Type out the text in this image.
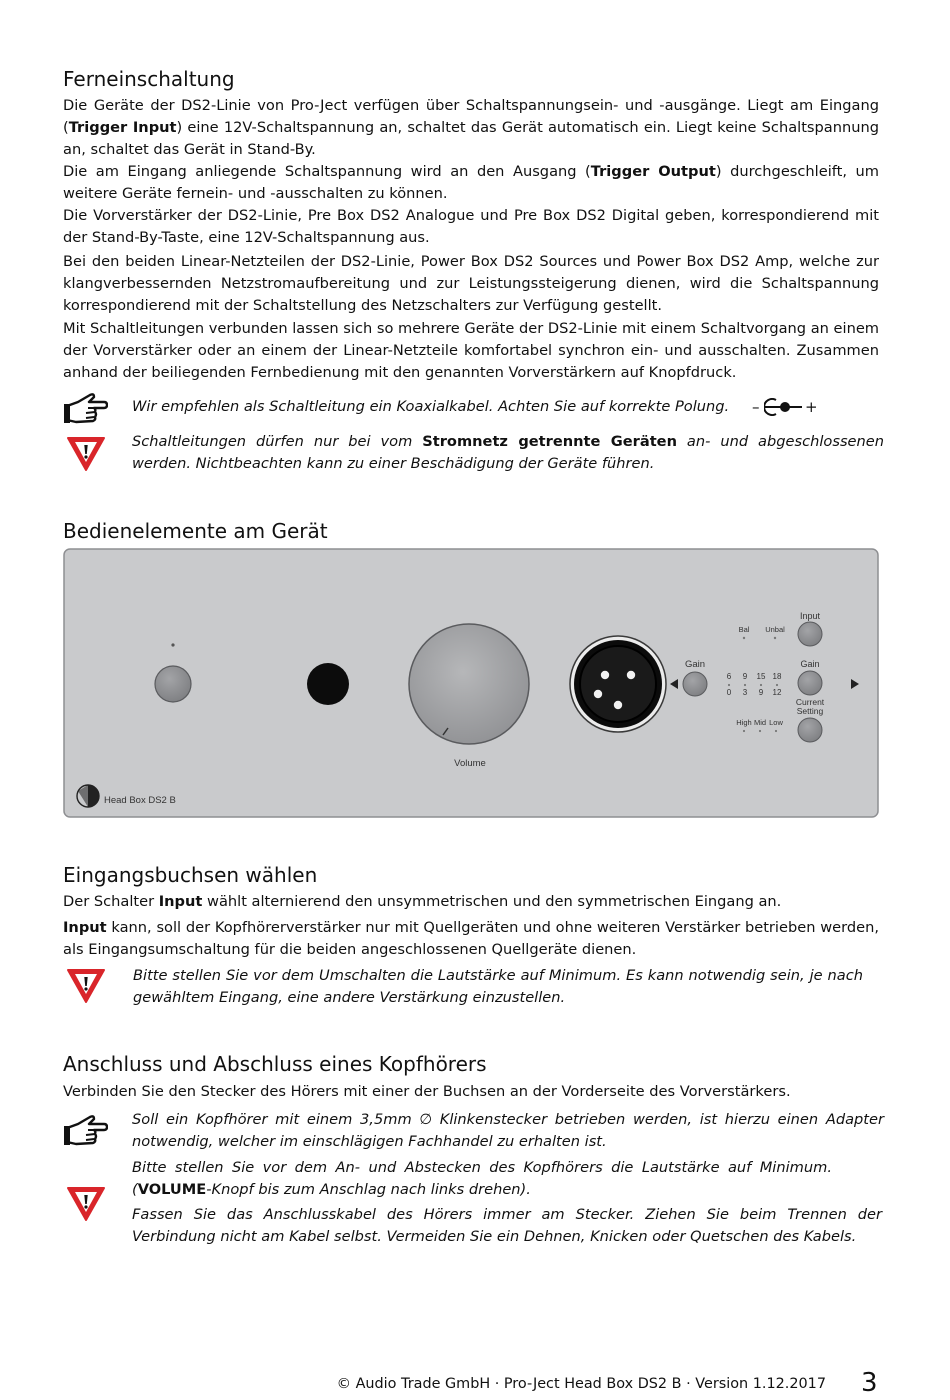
Ferneinschaltung

Die Geräte der DS2-Linie von Pro-Ject verfügen über Schaltspannungsein- und -ausgänge. Liegt am Eingang (Trigger Input) eine 12V-Schaltspannung an, schaltet das Gerät automatisch ein. Liegt keine Schaltspannung an, schaltet das Gerät in Stand-By.

Die am Eingang anliegende Schaltspannung wird an den Ausgang (Trigger Output) durchgeschleift, um weitere Geräte fernein- und -ausschalten zu können.

Die Vorverstärker der DS2-Linie, Pre Box DS2 Analogue und Pre Box DS2 Digital geben, korrespondierend mit der Stand-By-Taste, eine 12V-Schaltspannung aus.

Bei den beiden Linear-Netzteilen der DS2-Linie, Power Box DS2 Sources und Power Box DS2 Amp, welche zur klangverbessernden Netzstromaufbereitung und zur Leistungssteigerung dienen, wird die Schaltspannung korrespondierend mit der Schaltstellung des Netzschalters zur Verfügung gestellt.

Mit Schaltleitungen verbunden lassen sich so mehrere Geräte der DS2-Linie mit einem Schaltvorgang an einem der Vorverstärker oder an einem der Linear-Netzteile komfortabel synchron ein- und ausschalten. Zusammen anhand der beiliegenden Fernbedienung mit den genannten Vorverstärkern auf Knopfdruck.

Wir empfehlen als Schaltleitung ein Koaxialkabel. Achten Sie auf korrekte Polung.	–	+

Schaltleitungen dürfen nur bei vom Stromnetz getrennte Geräten an- und abgeschlossenen werden. Nichtbeachten kann zu einer Beschädigung der Geräte führen.

Bedienelemente am Gerät
Volume
Gain
Input
Bal Unbal
6 9 15 18
0 3 9 12
Gain
Current
Setting
High Mid Low
Head Box DS2 B
Eingangsbuchsen wählen

Der Schalter Input wählt alternierend den unsymmetrischen und den symmetrischen Eingang an.

Input kann, soll der Kopfhörerverstärker nur mit Quellgeräten und ohne weiteren Verstärker betrieben werden, als Eingangsumschaltung für die beiden angeschlossenen Quellgeräte dienen.

Bitte stellen Sie vor dem Umschalten die Lautstärke auf Minimum. Es kann notwendig sein, je nach gewähltem Eingang, eine andere Verstärkung einzustellen.

Anschluss und Abschluss eines Kopfhörers

Verbinden Sie den Stecker des Hörers mit einer der Buchsen an der Vorderseite des Vorverstärkers.

Soll ein Kopfhörer mit einem 3,5mm ∅ Klinkenstecker betrieben werden, ist hierzu einen Adapter notwendig, welcher im einschlägigen Fachhandel zu erhalten ist.

Bitte stellen Sie vor dem An- und Abstecken des Kopfhörers die Lautstärke auf Minimum. (VOLUME-Knopf bis zum Anschlag nach links drehen).

Fassen Sie das Anschlusskabel des Hörers immer am Stecker. Ziehen Sie beim Trennen der Verbindung nicht am Kabel selbst. Vermeiden Sie ein Dehnen, Knicken oder Quetschen des Kabels.

© Audio Trade GmbH · Pro-Ject Head Box DS2 B · Version 1.12.2017 3
